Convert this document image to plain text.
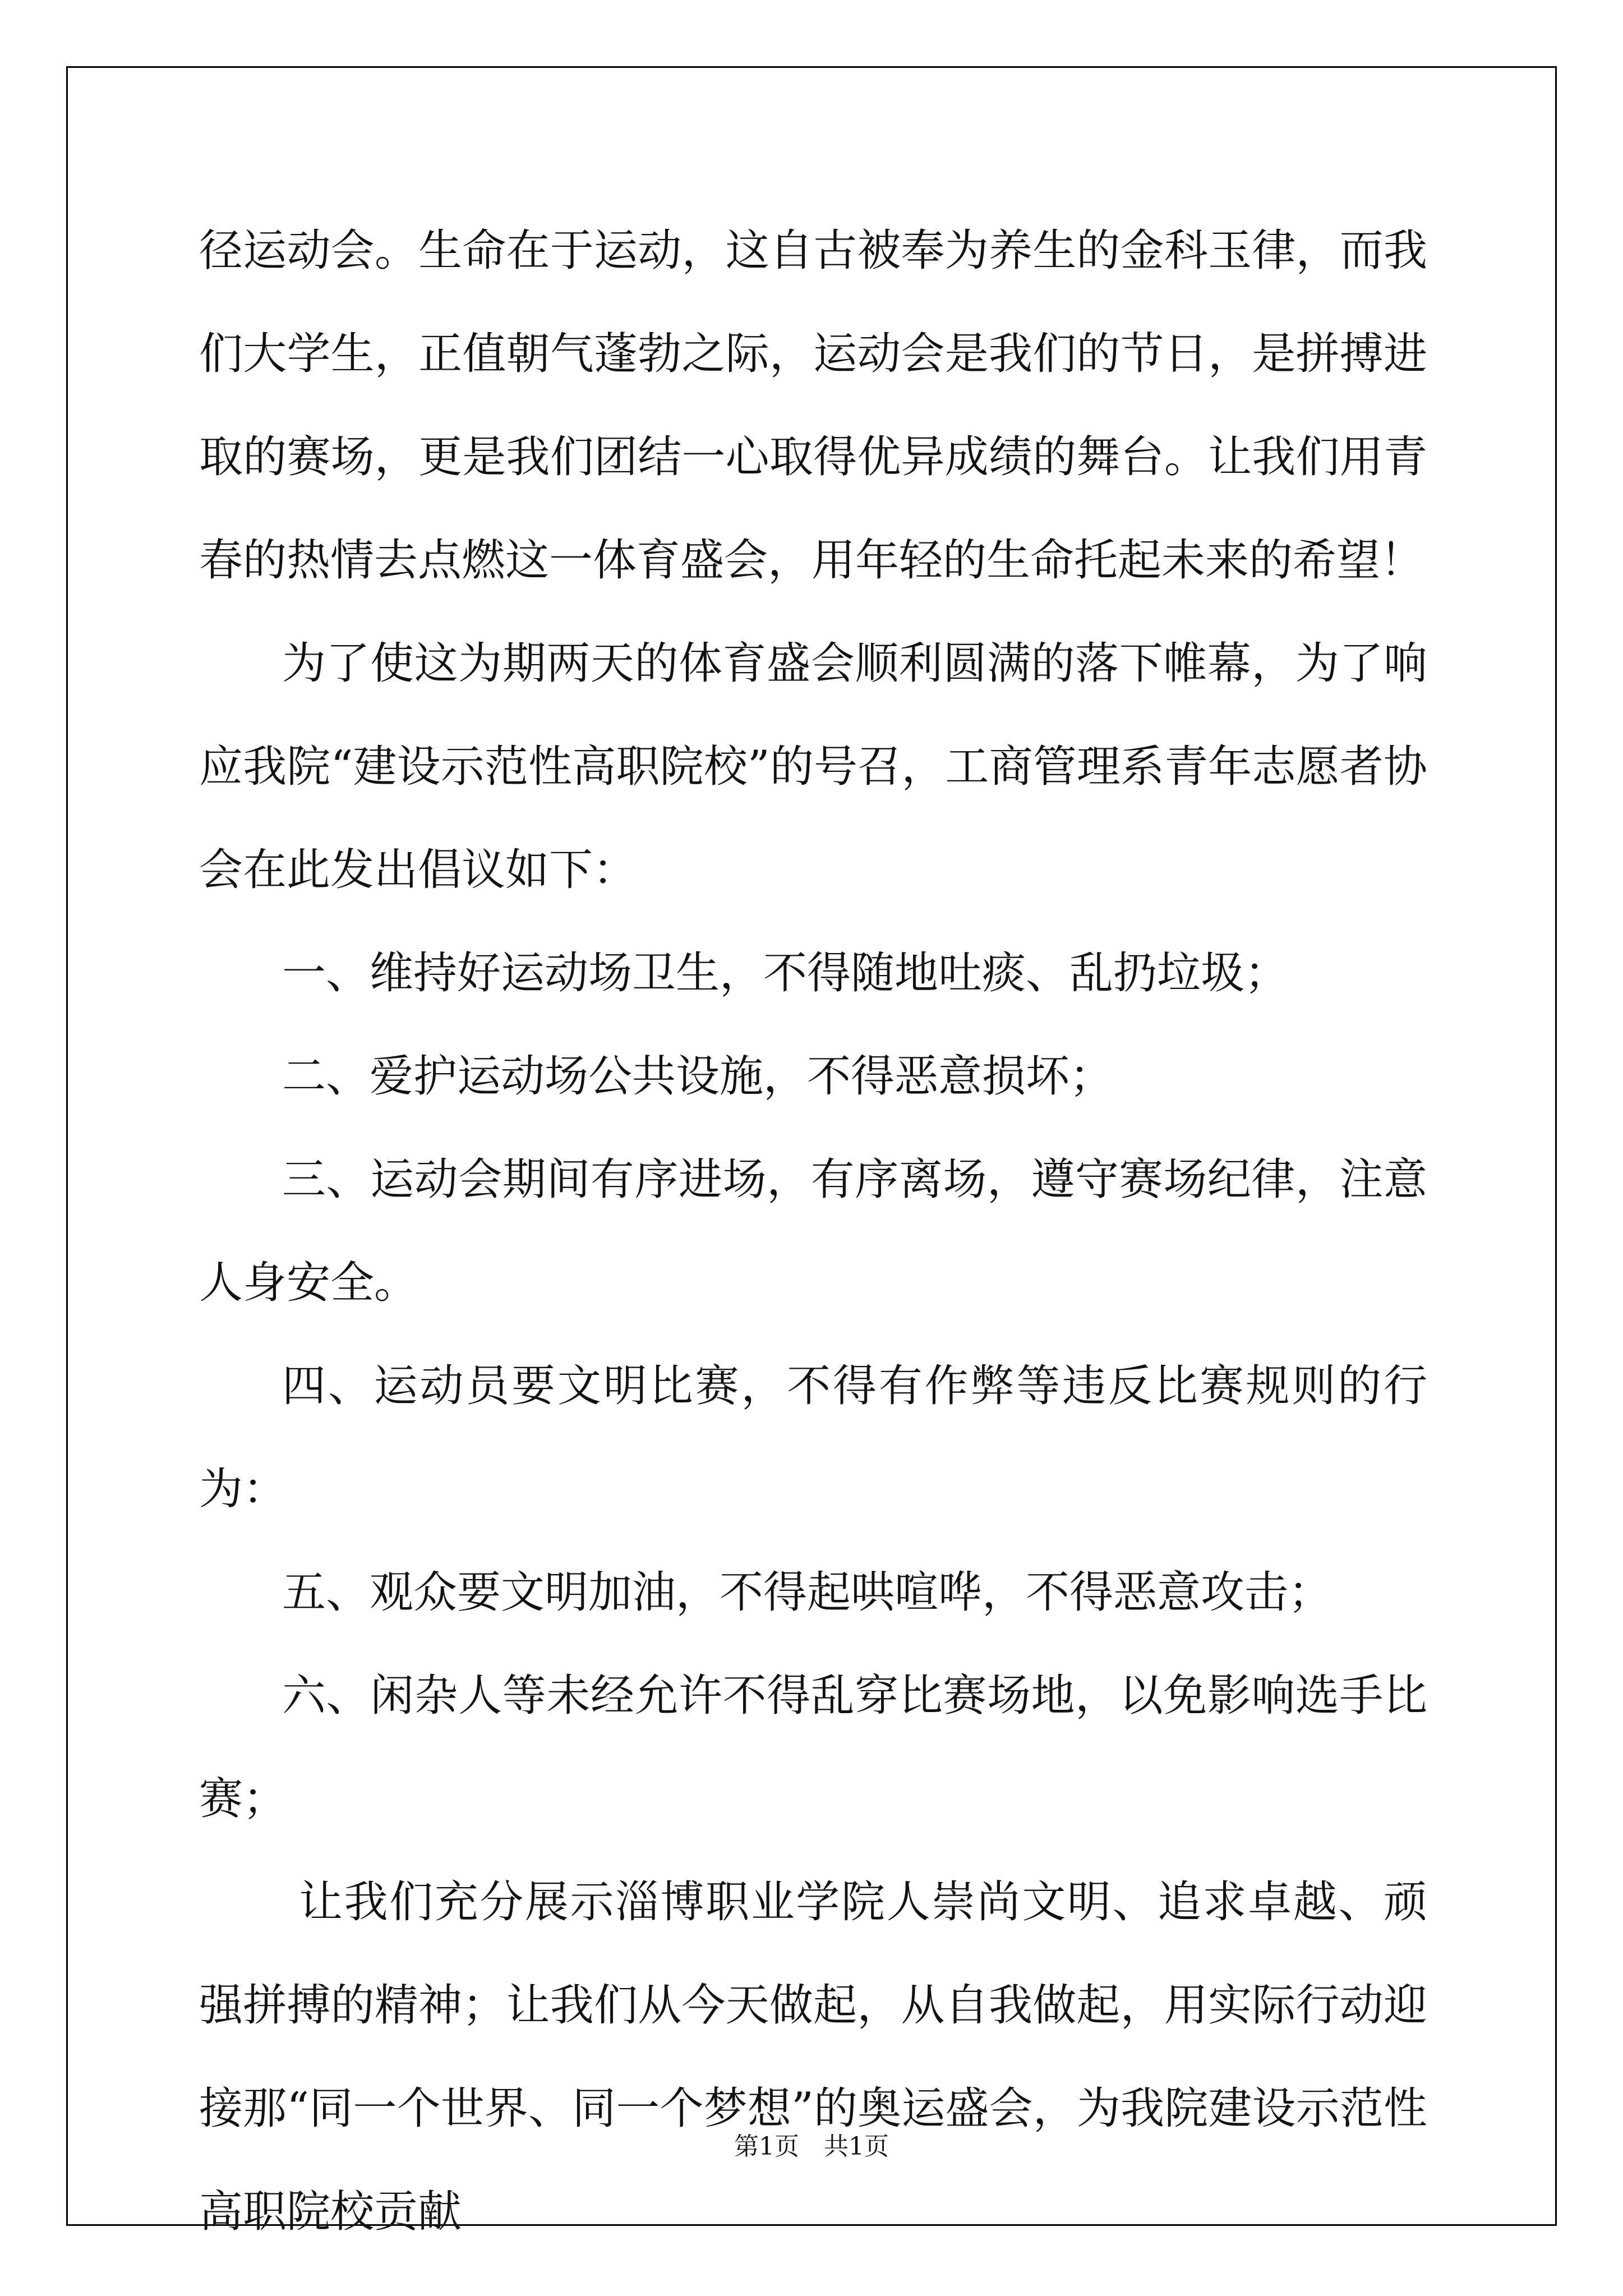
径运动会。生命在于运动，这自古被奉为养生的金科玉律，而我们大学生，正值朝气蓬勃之际，运动会是我们的节日，是拼搏进取的赛场，更是我们团结一心取得优异成绩的舞台。让我们用青春的热情去点燃这一体育盛会，用年轻的生命托起未来的希望！

为了使这为期两天的体育盛会顺利圆满的落下帷幕，为了响应我院“建设示范性高职院校”的号召，工商管理系青年志愿者协会在此发出倡议如下：

一、维持好运动场卫生，不得随地吐痰、乱扔垃圾；

二、爱护运动场公共设施，不得恶意损坏；

三、运动会期间有序进场，有序离场，遵守赛场纪律，注意人身安全。

四、运动员要文明比赛，不得有作弊等违反比赛规则的行为：

五、观众要文明加油，不得起哄喧哗，不得恶意攻击；

六、闲杂人等未经允许不得乱穿比赛场地，以免影响选手比赛；

让我们充分展示淄博职业学院人崇尚文明、追求卓越、顽强拼搏的精神；让我们从今天做起，从自我做起，用实际行动迎接那“同一个世界、同一个梦想”的奥运盛会，为我院建设示范性高职院校贡献

第1页　共1页
